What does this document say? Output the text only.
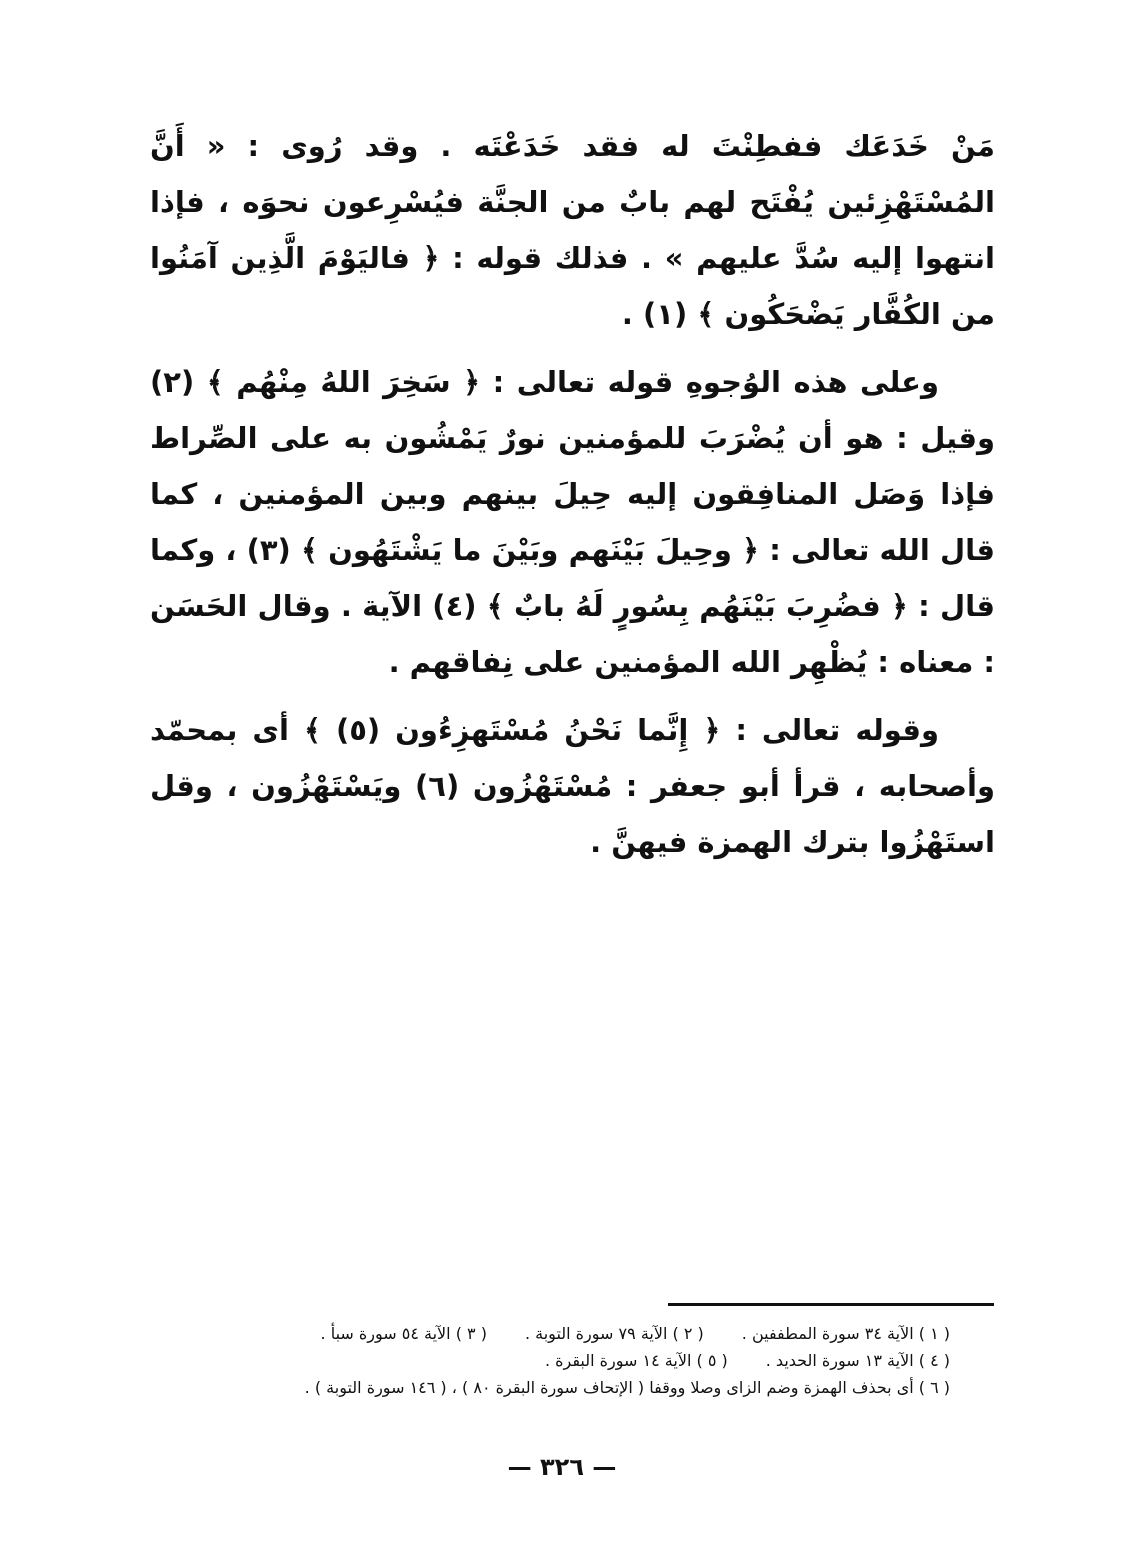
مَنْ خَدَعَك ففطِنْتَ له فقد خَدَعْتَه . وقد رُوى : « أَنَّ المُسْتَهْزِئين يُفْتَح لهم بابٌ من الجنَّة فيُسْرِعون نحوَه ، فإذا انتهوا إليه سُدَّ عليهم » . فذلك قوله : ﴿ فاليَوْمَ الَّذِين آمَنُوا من الكُفَّار يَضْحَكُون ﴾ (١) .

وعلى هذه الوُجوهِ قوله تعالى : ﴿ سَخِرَ اللهُ مِنْهُم ﴾ (٢) وقيل : هو أن يُضْرَبَ للمؤمنين نورٌ يَمْشُون به على الصِّراط فإذا وَصَل المنافِقون إليه حِيلَ بينهم وبين المؤمنين ، كما قال الله تعالى : ﴿ وحِيلَ بَيْنَهم وبَيْنَ ما يَشْتَهُون ﴾ (٣) ، وكما قال : ﴿ فضُرِبَ بَيْنَهُم بِسُورٍ لَهُ بابٌ ﴾ (٤) الآية . وقال الحَسَن : معناه : يُظْهِر الله المؤمنين على نِفاقهم .

وقوله تعالى : ﴿ إِنَّما نَحْنُ مُسْتَهزِءُون (٥) ﴾ أى بمحمّد وأصحابه ، قرأ أبو جعفر : مُسْتَهْزُون (٦) ويَسْتَهْزُون ، وقل استَهْزُوا بترك الهمزة فيهنَّ .

( ١ ) الآية ٣٤ سورة المطففين .
( ٢ ) الآية ٧٩ سورة التوبة .
( ٣ ) الآية ٥٤ سورة سبأ .
( ٤ ) الآية ١٣ سورة الحديد .
( ٥ ) الآية ١٤ سورة البقرة .
( ٦ ) أى بحذف الهمزة وضم الزاى وصلا ووقفا ( الإتحاف سورة البقرة ٨٠ ) ، ( ١٤٦ سورة التوبة ) .
— ٣٢٦ —
